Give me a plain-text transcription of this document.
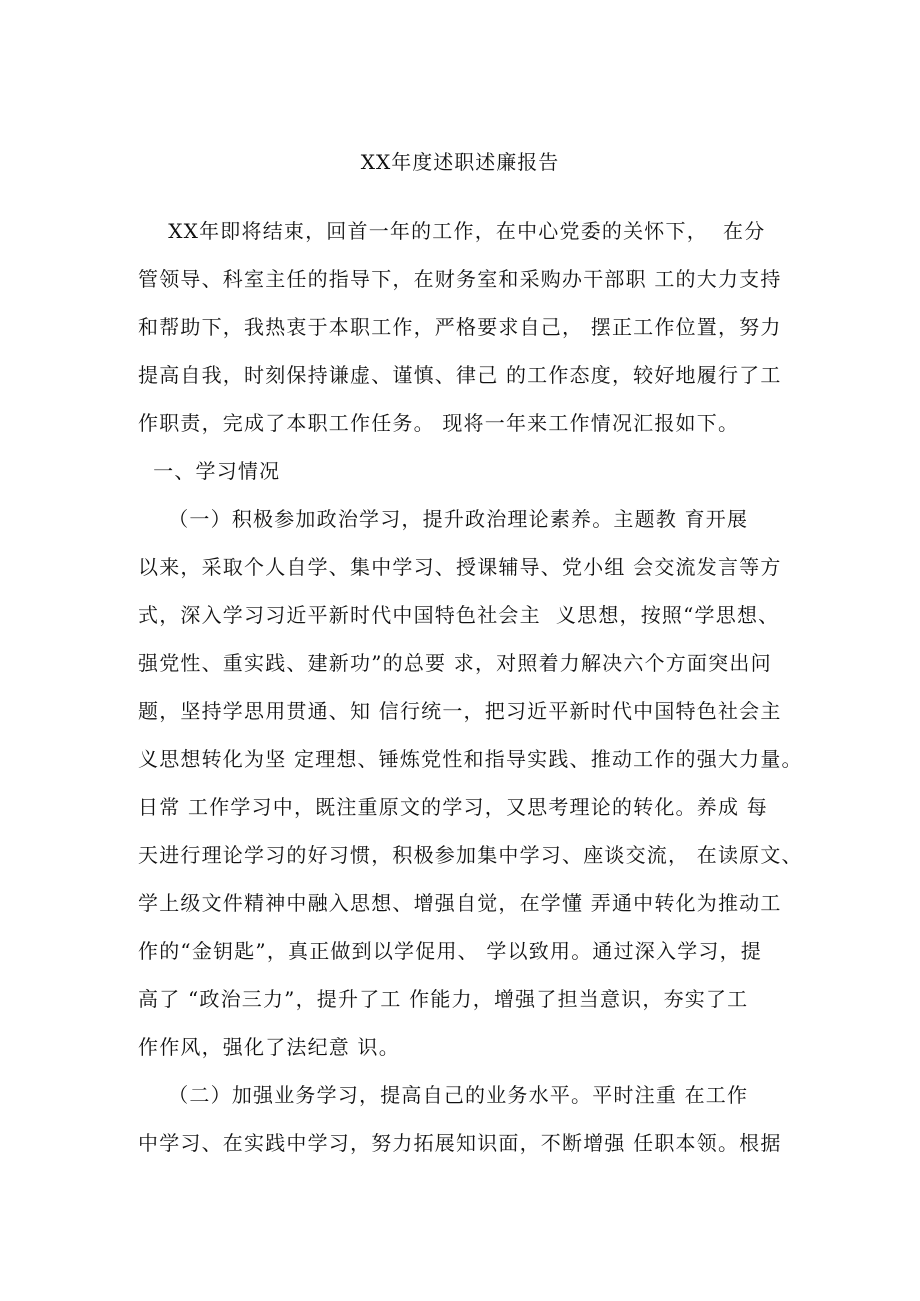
XX年度述职述廉报告
XX年即将结束，回首一年的工作，在中心党委的关怀下，  在分
管领导、科室主任的指导下，在财务室和采购办干部职 工的大力支持
和帮助下，我热衷于本职工作，严格要求自己， 摆正工作位置，努力
提高自我，时刻保持谦虚、谨慎、律己 的工作态度，较好地履行了工
作职责，完成了本职工作任务。 现将一年来工作情况汇报如下。
一、学习情况
（一）积极参加政治学习，提升政治理论素养。主题教 育开展
以来，采取个人自学、集中学习、授课辅导、党小组 会交流发言等方
式，深入学习习近平新时代中国特色社会主  义思想，按照“学思想、
强党性、重实践、建新功”的总要 求，对照着力解决六个方面突出问
题，坚持学思用贯通、知 信行统一，把习近平新时代中国特色社会主
义思想转化为坚 定理想、锤炼党性和指导实践、推动工作的强大力量。
日常 工作学习中，既注重原文的学习，又思考理论的转化。养成 每
天进行理论学习的好习惯，积极参加集中学习、座谈交流， 在读原文、
学上级文件精神中融入思想、增强自觉，在学懂 弄通中转化为推动工
作的“金钥匙”，真正做到以学促用、 学以致用。通过深入学习，提
高了 “政治三力”，提升了工 作能力，增强了担当意识，夯实了工
作作风，强化了法纪意 识。
（二）加强业务学习，提高自己的业务水平。平时注重 在工作
中学习、在实践中学习，努力拓展知识面，不断增强 任职本领。根据
